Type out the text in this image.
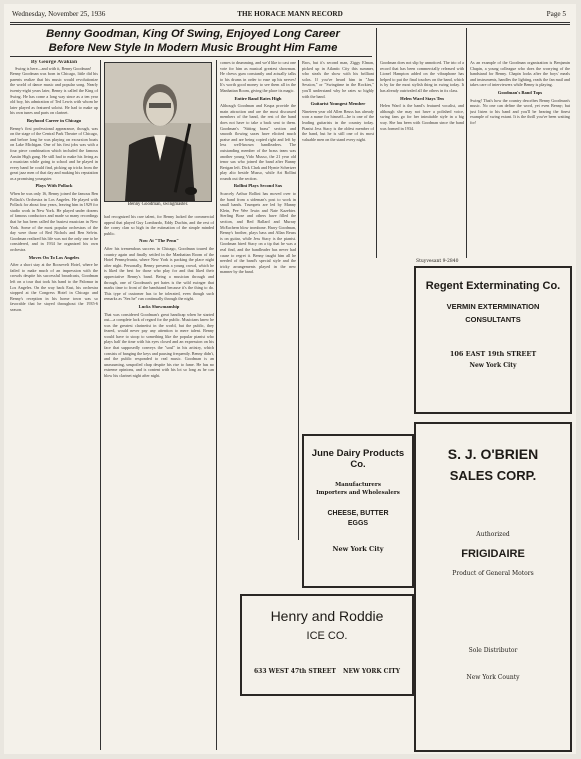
Wednesday, November 25, 1936	THE HORACE MANN RECORD	Page 5
Benny Goodman, King Of Swing, Enjoyed Long Career
Before New Style In Modern Music Brought Him Fame
By George Avakian

Swing is here—and with it, Benny Goodman!

Benny Goodman was born in Chicago, little did his parents realize that his music would revolutionize the world of dance music and popular song. Nearly twenty-eight years later, Benny is called the King of Swing. He has come a long way since as a ten year old boy, his admiration of Ted Lewis with whom he later played as featured soloist. He had to make up his own tunes and parts on clarinet.
Boyhood Career in Chicago
Benny's first professional appearance, though, was on the stage of the Central Park Theatre of Chicago, and before long he was playing on excursion boats on Lake Michigan. One of his first jobs was with a four piece combination which included the famous Austin High gang. He still had to make his living as a musician while going to school and he played in every band he could find, picking up tricks from the great jazz men of that day and making his reputation as a promising youngster.
Plays With Pollack
When he was only 16, Benny joined the famous Ben Pollack's Orchestra in Los Angeles. He played with Pollack for about four years, leaving him in 1929 for studio work in New York. He played under dozens of famous conductors and made so many recordings that he has been called the busiest musician in New York. Some of the most popular orchestras of the day were those of Red Nichols and Ben Selvin. Goodman realized his life was not the only one to be considered, and in 1934 he organized his own orchestra.
Moves On To Los Angeles
After a short stay at the Roosevelt Hotel, where he failed to make much of an impression with the crowds despite his successful broadcasts, Goodman left on a tour that took his band to the Palomar in Los Angeles. On the way back East, his orchestra stopped at the Congress Hotel in Chicago and Benny's reception in his home town was so favorable that he stayed throughout the 1935-6 season.
Benny Goodman, swingmaster.
had recognized his rare talent, for Benny lacked the commercial appeal that played Guy Lombardo, Eddy Duchin, and the rest of the corny clan so high in the estimation of the simple minded public.
Now At "The Penn"
After his tremendous success in Chicago, Goodman toured the country again and finally settled in the Manhattan Room of the Hotel Pennsylvania, where New York is packing the place night after night. Personally, Benny presents a young crowd, which he is liked the best for those who play for and that liked their appreciative Benny's band. Being a musician through and through, one of Goodman's pet hates is the wild swinger that marks time to front of the bandstand because it's the thing to do. This type of customer has to be tolerated, even though such remarks as "Sez he" run continually through the night.
Lucks Showmanship
That was considered Goodman's great handicap when he started out—a complete lack of regard for the public. Musicians knew he was the greatest clarinetist in the world, but the public, they feared, would never pay any attention to mere talent. Benny would have to stoop to something like the popular pianist who plays half the time with his eyes closed and an expression on his face that supposedly conveys the "soul" in his artistry, which consists of banging the keys and pausing frequently. Benny didn't, and the public responded to real music. Goodman is an unassuming, unspoiled chap despite his rise to fame. He has no extreme opinions, and is content with his lot so long as he can blow his clarinet night after night.
comes to drumming, and we'd like to cast one vote for him as musical greatest showman. He chews gum constantly and actually talks to his drums in order to ease up his nerves! It's worth good money to see them all in the Manhattan Room, giving the place its magic.
Entire Band Rates High
Although Goodman and Krupa provide the main attraction and are the most discussed members of the band, the rest of the band does not have to take a back seat to them. Goodman's "Sitting brass" section and smooth flowing saxes have elicited much praise and are being copied right and left by less well-known bandleaders. The outstanding member of the brass team was another young Vido Musso, the 21 year old tenor sax who joined the band after Bunny Berigan left. Dick Clark and Hymie Schertzer play alto beside Musso, while Art Rollini rounds out the section.
Rollini Plays Second Sax
Scarcely Arthur Rollini has moved over to the band from a sideman's post to work in small bands. Trumpets are led by Manny Klein, Pee Wee Irwin and Nate Kazebier. Sterling Bose and others have filled the section, and Red Ballard and Murray McEachern blow trombone. Harry Goodman, Benny's brother, plays bass and Allan Reuss is on guitar, while Jess Stacy is the pianist. Goodman hired Stacy on a tip that he was a real find, and the bandleader has never had cause to regret it. Benny taught him all he needed of the band's special style and the tricky arrangements played in the new manner by the band.
Bros, but it's second man, Ziggy Elman, picked up in Atlantic City this summer, who steals the show with his brilliant solos. If you've heard him in "Jam Session," or "Swingtime in the Rockies," you'll understand why he rates so highly with the band.
Guitarist Youngest Member
Nineteen year old Allen Reuss has already won a name for himself—he is one of the leading guitarists in the country today. Pianist Jess Stacy is the oldest member of the band, but he is still one of its most valuable men on the stand every night.
Goodman does not slip by unnoticed. The trio of a record that has been commercially released with Lionel Hampton added on the vibraphone has helped to put the final touches on the band, which is by far the most stylish thing in swing today. It has already outrivaled all the others in its class.
Helen Ward Stays Ten
Helen Ward is the band's featured vocalist, and although she may not have a polished voice, swing fans go for her inimitable style in a big way. She has been with Goodman since the band was formed in 1934.
As an example of the Goodman organization is Benjamin Chapin, a young colleague who does the worrying of the bandstand for Benny. Chapin looks after the boys' meals and instruments, handles the lighting, reads the fan mail and takes care of interviewers while Benny is playing.
Goodman's Band Tops
Swing! That's how the country describes Benny Goodman's music. No one can define the word, yet even Benny; but just listen to his band and you'll be hearing the finest example of swing extant. It is the thrill you've been waiting for!
June Dairy Products Co.
Manufacturers
Importers and Wholesalers
CHEESE, BUTTER
EGGS
New York City
Stuyvesant 9-2840
Regent Exterminating Co.
VERMIN EXTERMINATION
CONSULTANTS
106 EAST 19th STREET
New York City
S. J. O'BRIEN
SALES CORP.
Authorized
FRIGIDAIRE
Product of General Motors
Sole Distributor
New York County
Henry and Roddie
ICE CO.
633 WEST 47th STREET NEW YORK CITY
